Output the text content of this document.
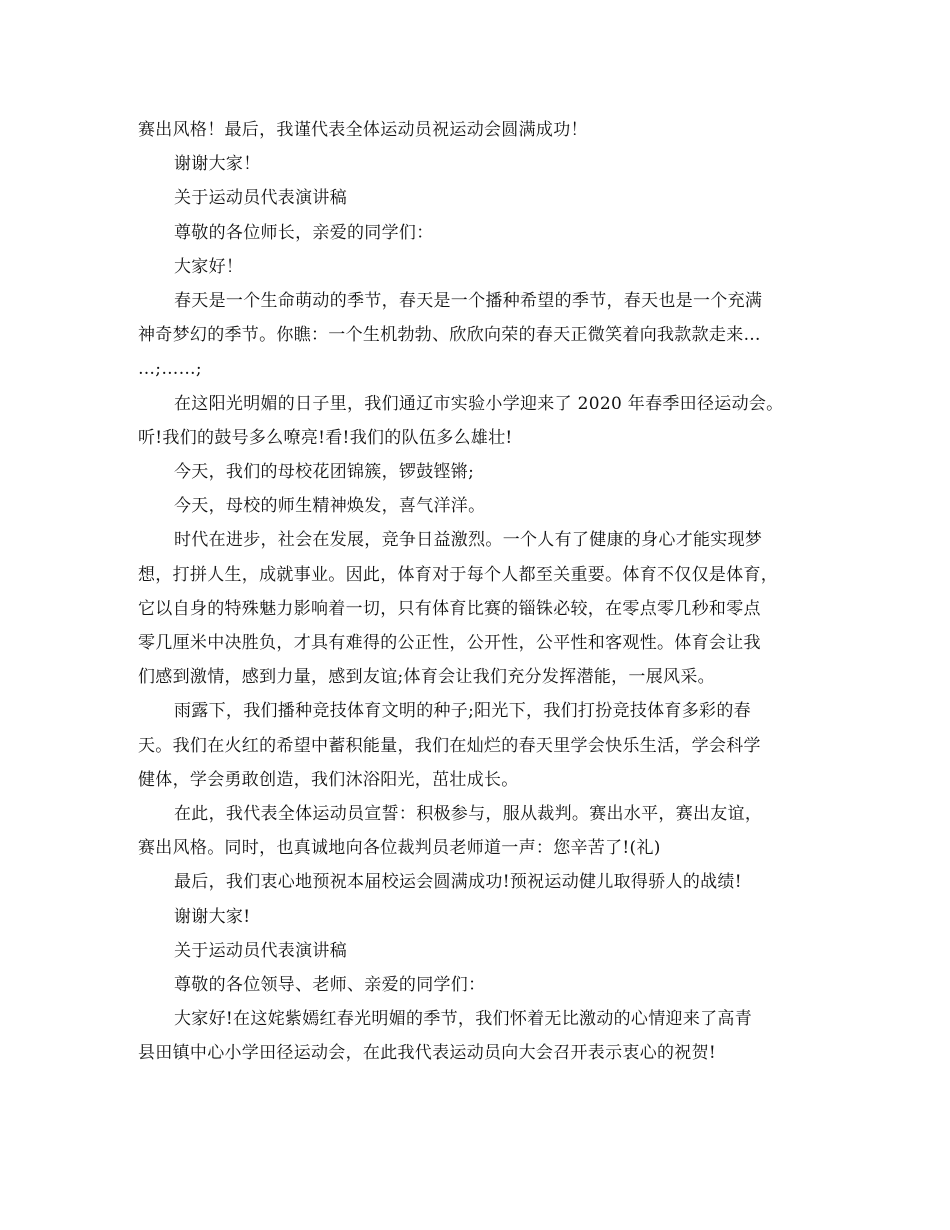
赛出风格！最后，我谨代表全体运动员祝运动会圆满成功！
谢谢大家！
关于运动员代表演讲稿
尊敬的各位师长，亲爱的同学们：
大家好！
春天是一个生命萌动的季节，春天是一个播种希望的季节，春天也是一个充满
神奇梦幻的季节。你瞧：一个生机勃勃、欣欣向荣的春天正微笑着向我款款走来…
…;……;
在这阳光明媚的日子里，我们通辽市实验小学迎来了 2020 年春季田径运动会。
听!我们的鼓号多么嘹亮!看!我们的队伍多么雄壮!
今天，我们的母校花团锦簇，锣鼓铿锵;
今天，母校的师生精神焕发，喜气洋洋。
时代在进步，社会在发展，竞争日益激烈。一个人有了健康的身心才能实现梦
想，打拼人生，成就事业。因此，体育对于每个人都至关重要。体育不仅仅是体育，
它以自身的特殊魅力影响着一切，只有体育比赛的锱铢必较，在零点零几秒和零点
零几厘米中决胜负，才具有难得的公正性，公开性，公平性和客观性。体育会让我
们感到激情，感到力量，感到友谊;体育会让我们充分发挥潜能，一展风采。
雨露下，我们播种竞技体育文明的种子;阳光下，我们打扮竞技体育多彩的春
天。我们在火红的希望中蓄积能量，我们在灿烂的春天里学会快乐生活，学会科学
健体，学会勇敢创造，我们沐浴阳光，茁壮成长。
在此，我代表全体运动员宣誓：积极参与，服从裁判。赛出水平，赛出友谊，
赛出风格。同时，也真诚地向各位裁判员老师道一声：您辛苦了!(礼)
最后，我们衷心地预祝本届校运会圆满成功!预祝运动健儿取得骄人的战绩!
谢谢大家!
关于运动员代表演讲稿
尊敬的各位领导、老师、亲爱的同学们：
大家好!在这姹紫嫣红春光明媚的季节，我们怀着无比激动的心情迎来了高青
县田镇中心小学田径运动会，在此我代表运动员向大会召开表示衷心的祝贺!
